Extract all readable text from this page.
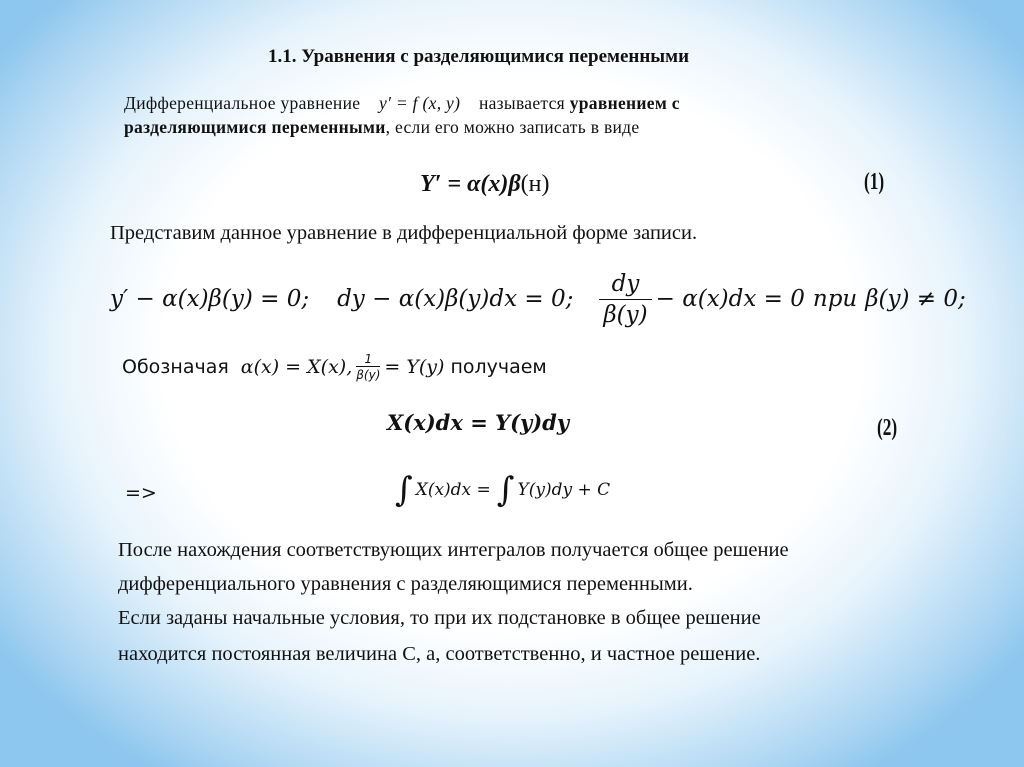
1.1. Уравнения с разделяющимися переменными
Дифференциальное уравнение y′ = f (x, y) называется уравнением с
разделяющимися переменными, если его можно записать в виде
Y′ = α(x)β(н)	(1)
Представим данное уравнение в дифференциальной форме записи.
y′ − α(x)β(y) = 0; dy − α(x)β(y)dx = 0; $\frac{dy}{\beta(y)} - \alpha(x)dx = 0$ при β(y) ≠ 0;
Обозначая α(x) = X(x), $\frac{1}{\beta(y)} = Y(y)$ получаем
X(x)dx = Y(y)dy	(2)
=>	∫ X(x)dx = ∫ Y(y)dy + C
После нахождения соответствующих интегралов получается общее решение
дифференциального уравнения с разделяющимися переменными.
Если заданы начальные условия, то при их подстановке в общее решение
находится постоянная величина С, а, соответственно, и частное решение.
